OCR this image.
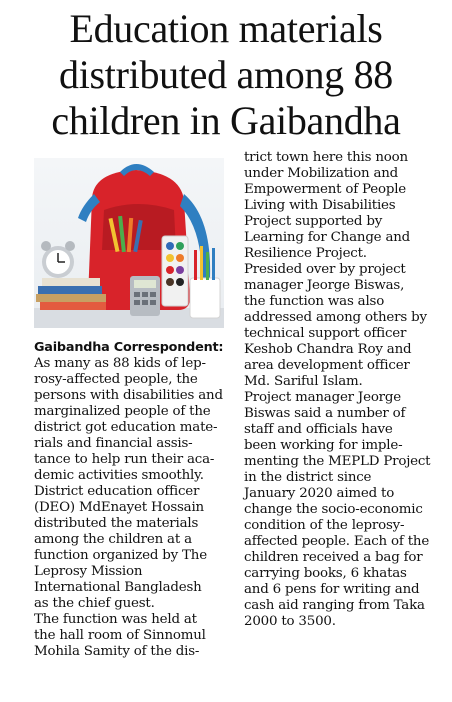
Education materials
distributed among 88
children in Gaibandha
Gaibandha Correspondent:
As many as 88 kids of lep-
rosy-affected people, the
persons with disabilities and
marginalized people of the
district got education mate-
rials and financial assis-
tance to help run their aca-
demic activities smoothly.
District education officer
(DEO) MdEnayet Hossain
distributed the materials
among the children at a
function organized by The
Leprosy Mission
International Bangladesh
as the chief guest.
The function was held at
the hall room of Sinnomul
Mohila Samity of the dis-
trict town here this noon
under Mobilization and
Empowerment of People
Living with Disabilities
Project supported by
Learning for Change and
Resilience Project.
Presided over by project
manager Jeorge Biswas,
the function was also
addressed among others by
technical support officer
Keshob Chandra Roy and
area development officer
Md. Sariful Islam.
Project manager Jeorge
Biswas said a number of
staff and officials have
been working for imple-
menting the MEPLD Project
in the district since
January 2020 aimed to
change the socio-economic
condition of the leprosy-
affected people. Each of the
children received a bag for
carrying books, 6 khatas
and 6 pens for writing and
cash aid ranging from Taka
2000 to 3500.
